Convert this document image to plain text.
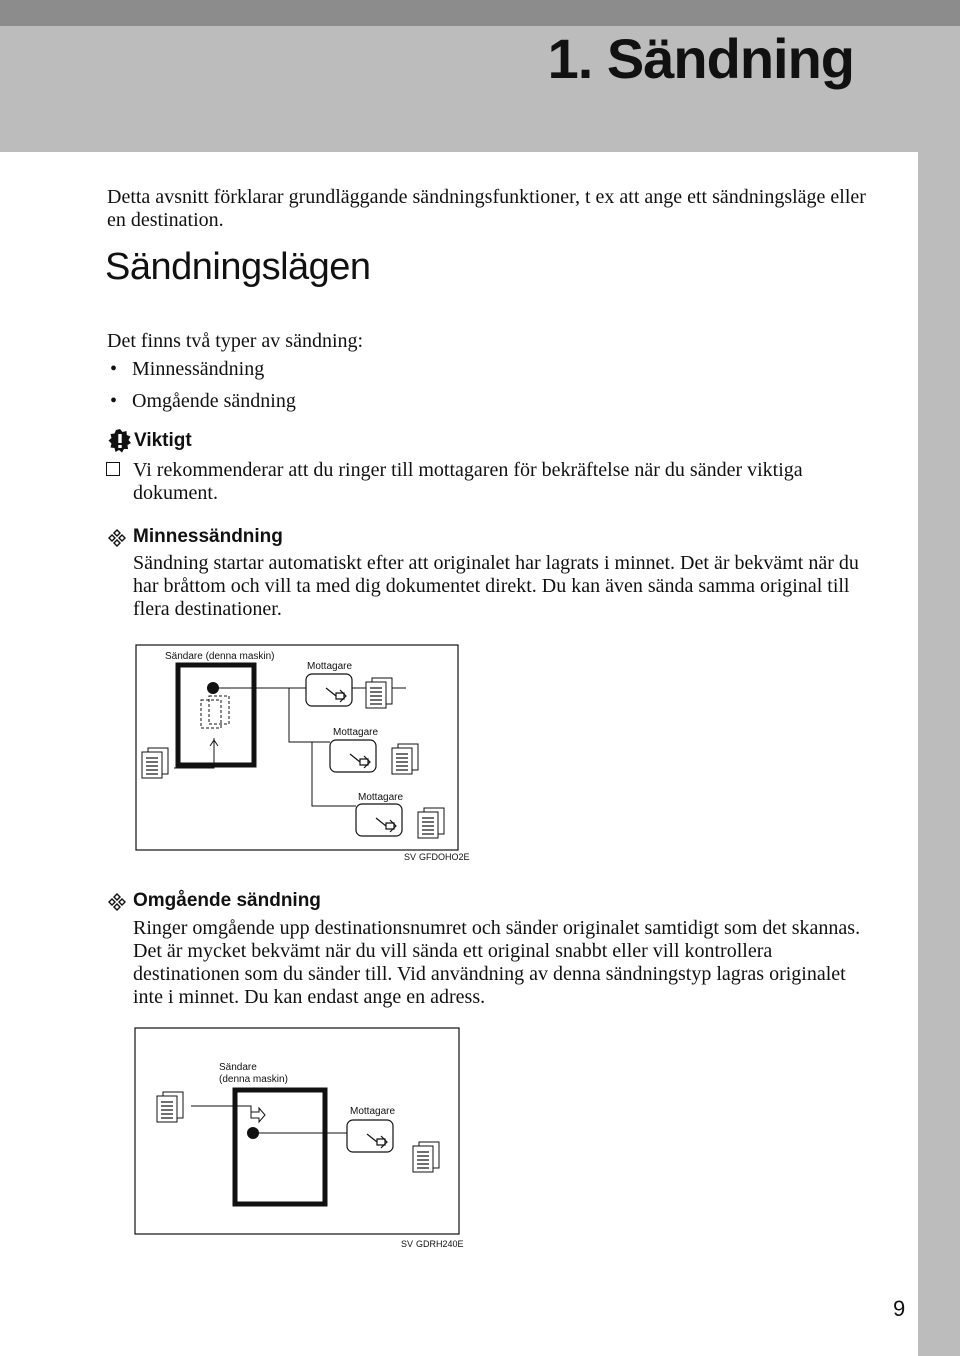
1. Sändning

Detta avsnitt förklarar grundläggande sändningsfunktioner, t ex att ange ett sändningsläge eller en destination.

Sändningslägen

Det finns två typer av sändning:

• Minnessändning
• Omgående sändning

Viktigt

Vi rekommenderar att du ringer till mottagaren för bekräftelse när du sänder viktiga dokument.

Minnessändning

Sändning startar automatiskt efter att originalet har lagrats i minnet. Det är bekvämt när du har bråttom och vill ta med dig dokumentet direkt. Du kan även sända samma original till flera destinationer.

Sändare (denna maskin)
Mottagare
Mottagare
Mottagare
SV GFDOHO2E

Omgående sändning

Ringer omgående upp destinationsnumret och sänder originalet samtidigt som det skannas. Det är mycket bekvämt när du vill sända ett original snabbt eller vill kontrollera destinationen som du sänder till. Vid användning av denna sändningstyp lagras originalet inte i minnet. Du kan endast ange en adress.

Sändare
(denna maskin)
Mottagare
SV GDRH240E

9
